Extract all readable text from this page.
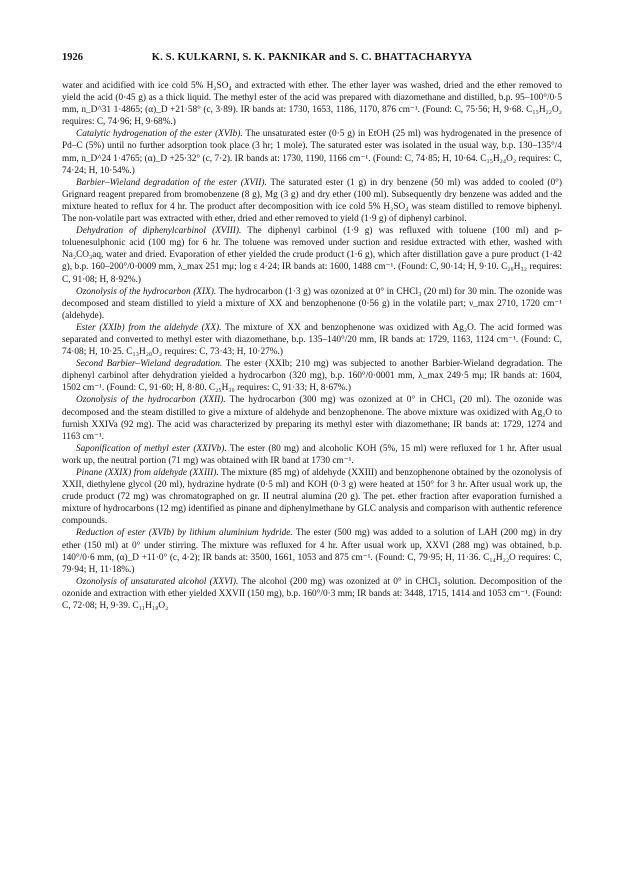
1926	K. S. KULKARNI, S. K. PAKNIKAR and S. C. BHATTACHARYYA

water and acidified with ice cold 5% H₂SO₄ and extracted with ether. The ether layer was washed, dried and the ether removed to yield the acid (0·45 g) as a thick liquid. The methyl ester of the acid was prepared with diazomethane and distilled, b.p. 95–100°/0·5 mm, n_D^31 1·4865; (α)_D +21·58° (c, 3·89). IR bands at: 1730, 1653, 1186, 1170, 876 cm⁻¹. (Found: C, 75·56; H, 9·68. C₁₅H₂₂O₂ requires: C, 74·96; H, 9·68%.)

Catalytic hydrogenation of the ester (XVIb). The unsaturated ester (0·5 g) in EtOH (25 ml) was hydrogenated in the presence of Pd–C (5%) until no further adsorption took place (3 hr; 1 mole). The saturated ester was isolated in the usual way, b.p. 130–135°/4 mm, n_D^24 1·4765; (α)_D +25·32° (c, 7·2). IR bands at: 1730, 1190, 1166 cm⁻¹. (Found: C, 74·85; H, 10·64. C₁₅H₂₄O₂ requires: C, 74·24; H, 10·54%.)

Barbier–Wieland degradation of the ester (XVII). The saturated ester (1 g) in dry benzene (50 ml) was added to cooled (0°) Grignard reagent prepared from bromobenzene (8 g), Mg (3 g) and dry ether (100 ml). Subsequently dry benzene was added and the mixture heated to reflux for 4 hr. The product after decomposition with ice cold 5% H₂SO₄ was steam distilled to remove biphenyl. The non-volatile part was extracted with ether, dried and ether removed to yield (1·9 g) of diphenyl carbinol.

Dehydration of diphenylcarbinol (XVIII). The diphenyl carbinol (1·9 g) was refluxed with toluene (100 ml) and p-toluenesulphonic acid (100 mg) for 6 hr. The toluene was removed under suction and residue extracted with ether, washed with Na₂CO₃aq, water and dried. Evaporation of ether yielded the crude product (1·6 g), which after distillation gave a pure product (1·42 g), b.p. 160–200°/0·0009 mm, λ_max 251 mμ; log ε 4·24; IR bands at: 1600, 1488 cm⁻¹. (Found: C, 90·14; H, 9·10. C₂₆H₃₂ requires: C, 91·08; H, 8·92%.)

Ozonolysis of the hydrocarbon (XIX). The hydrocarbon (1·3 g) was ozonized at 0° in CHCl₃ (20 ml) for 30 min. The ozonide was decomposed and steam distilled to yield a mixture of XX and benzophenone (0·56 g) in the volatile part; ν_max 2710, 1720 cm⁻¹ (aldehyde).

Ester (XXIb) from the aldehyde (XX). The mixture of XX and benzophenone was oxidized with Ag₂O. The acid formed was separated and converted to methyl ester with diazomethane, b.p. 135–140°/20 mm, IR bands at: 1729, 1163, 1124 cm⁻¹. (Found: C, 74·08; H, 10·25. C₁₃H₂₀O₂ requires: C, 73·43; H, 10·27%.)

Second Barbier–Wieland degradation. The ester (XXIb; 210 mg) was subjected to another Barbier-Wieland degradation. The diphenyl carbinol after dehydration yielded a hydrocarbon (320 mg), b.p. 160°/0·0001 mm, λ_max 249·5 mμ; IR bands at: 1604, 1502 cm⁻¹. (Found: C, 91·60; H, 8·80. C₂₅H₃₀ requires: C, 91·33; H, 8·67%.)

Ozonolysis of the hydrocarbon (XXII). The hydrocarbon (300 mg) was ozonized at 0° in CHCl₃ (20 ml). The ozonide was decomposed and the steam distilled to give a mixture of aldehyde and benzophenone. The above mixture was oxidized with Ag₂O to furnish XXIVa (92 mg). The acid was characterized by preparing its methyl ester with diazomethane; IR bands at: 1729, 1274 and 1163 cm⁻¹.

Saponification of methyl ester (XXIVb). The ester (80 mg) and alcoholic KOH (5%, 15 ml) were refluxed for 1 hr. After usual work up, the neutral portion (71 mg) was obtained with IR band at 1730 cm⁻¹.

Pinane (XXIX) from aldehyde (XXIII). The mixture (85 mg) of aldehyde (XXIII) and benzophenone obtained by the ozonolysis of XXII, diethylene glycol (20 ml), hydrazine hydrate (0·5 ml) and KOH (0·3 g) were heated at 150° for 3 hr. After usual work up, the crude product (72 mg) was chromatographed on gr. II neutral alumina (20 g). The pet. ether fraction after evaporation furnished a mixture of hydrocarbons (12 mg) identified as pinane and diphenylmethane by GLC analysis and comparison with authentic reference compounds.

Reduction of ester (XVIb) by lithium aluminium hydride. The ester (500 mg) was added to a solution of LAH (200 mg) in dry ether (150 ml) at 0° under stirring. The mixture was refluxed for 4 hr. After usual work up, XXVI (288 mg) was obtained, b.p. 140°/0·6 mm, (α)_D +11·0° (c, 4·2); IR bands at: 3500, 1661, 1053 and 875 cm⁻¹. (Found: C, 79·95; H, 11·36. C₁₄H₂₂O requires: C, 79·94; H, 11·18%.)

Ozonolysis of unsaturated alcohol (XXVI). The alcohol (200 mg) was ozonized at 0° in CHCl₃ solution. Decomposition of the ozonide and extraction with ether yielded XXVII (150 mg), b.p. 160°/0·3 mm; IR bands at: 3448, 1715, 1414 and 1053 cm⁻¹. (Found: C, 72·08; H, 9·39. C₁₁H₁₈O₂
